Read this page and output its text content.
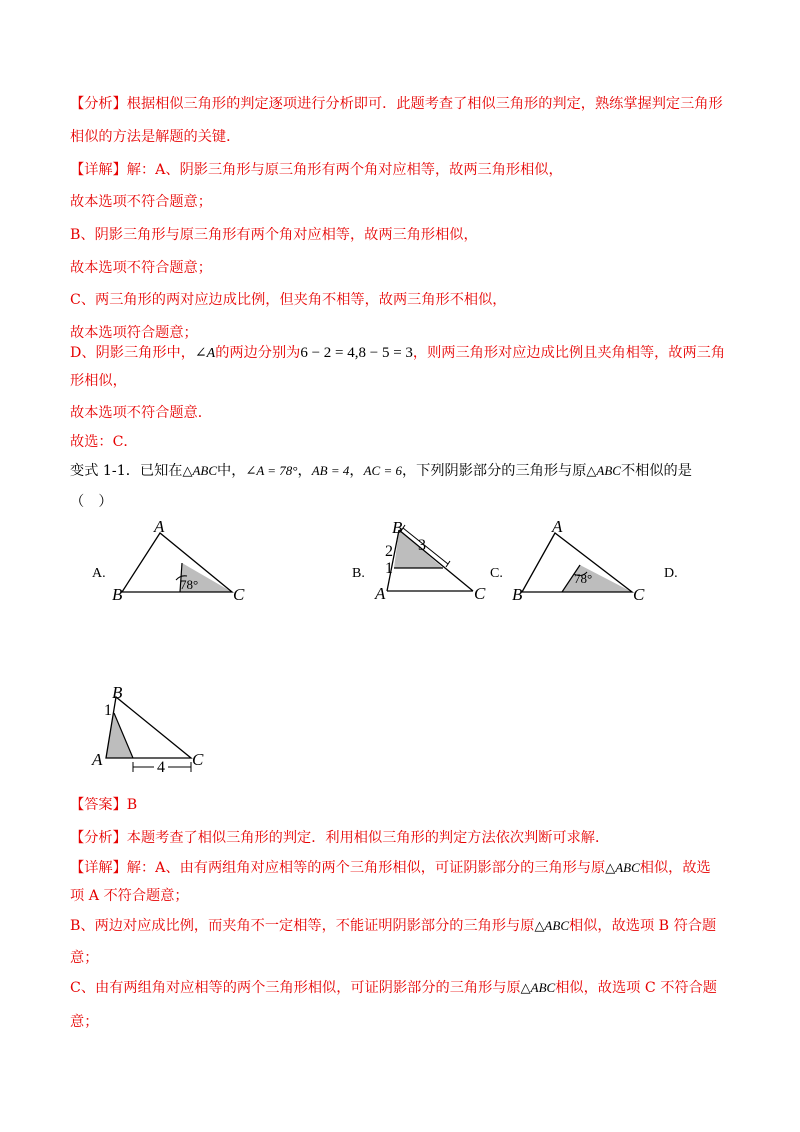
【分析】根据相似三角形的判定逐项进行分析即可．此题考查了相似三角形的判定，熟练掌握判定三角形
相似的方法是解题的关键．
【详解】解：A、阴影三角形与原三角形有两个角对应相等，故两三角形相似，
故本选项不符合题意；
B、阴影三角形与原三角形有两个角对应相等，故两三角形相似，
故本选项不符合题意；
C、两三角形的两对应边成比例，但夹角不相等，故两三角形不相似，
故本选项符合题意；
D、阴影三角形中，∠A的两边分别为6 − 2 = 4,8 − 5 = 3，则两三角形对应边成比例且夹角相等，故两三角
形相似，
故本选项不符合题意．
故选：C．
变式 1-1．已知在△ABC中，∠A = 78°，AB = 4，AC = 6，下列阴影部分的三角形与原△ABC不相似的是
（　）
A.	B.	C.	D.
A
B	C
78°
B
2 3
1
A	C
A
B	C
78°
B
1
A	C
4
【答案】B
【分析】本题考查了相似三角形的判定．利用相似三角形的判定方法依次判断可求解．
【详解】解：A、由有两组角对应相等的两个三角形相似，可证阴影部分的三角形与原△ABC相似，故选
项 A 不符合题意；
B、两边对应成比例，而夹角不一定相等，不能证明阴影部分的三角形与原△ABC相似，故选项 B 符合题
意；
C、由有两组角对应相等的两个三角形相似，可证阴影部分的三角形与原△ABC相似，故选项 C 不符合题
意；
